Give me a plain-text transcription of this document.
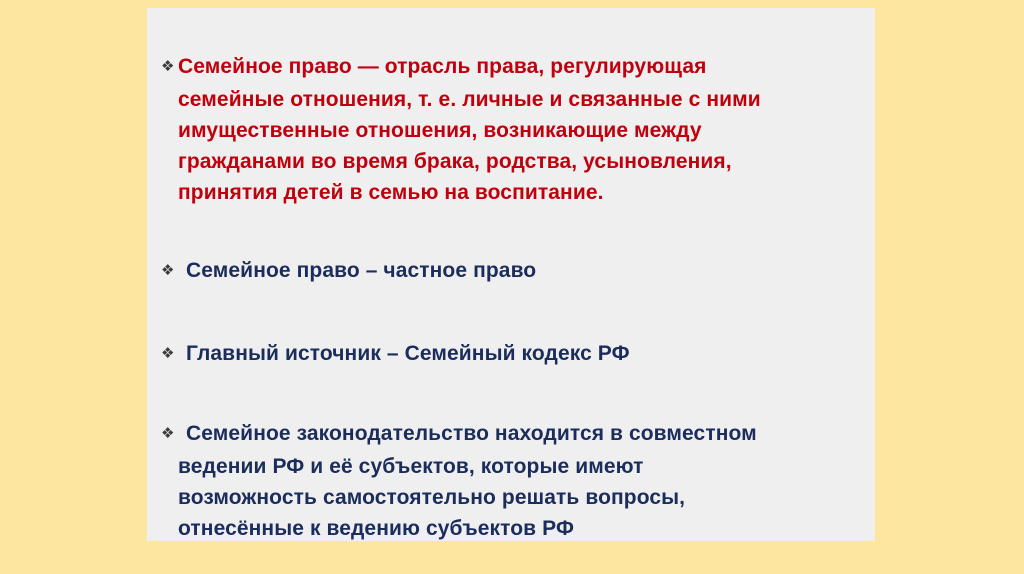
❖ Семейное право — отрасль права, регулирующая
семейные отношения, т. е. личные и связанные с ними
имущественные отношения, возникающие между
гражданами во время брака, родства, усыновления,
принятия детей в семью на воспитание.
❖ Семейное право – частное право
❖ Главный источник – Семейный кодекс РФ
❖ Семейное законодательство находится в совместном
ведении РФ и её субъектов, которые имеют
возможность самостоятельно решать вопросы,
отнесённые к ведению субъектов РФ
